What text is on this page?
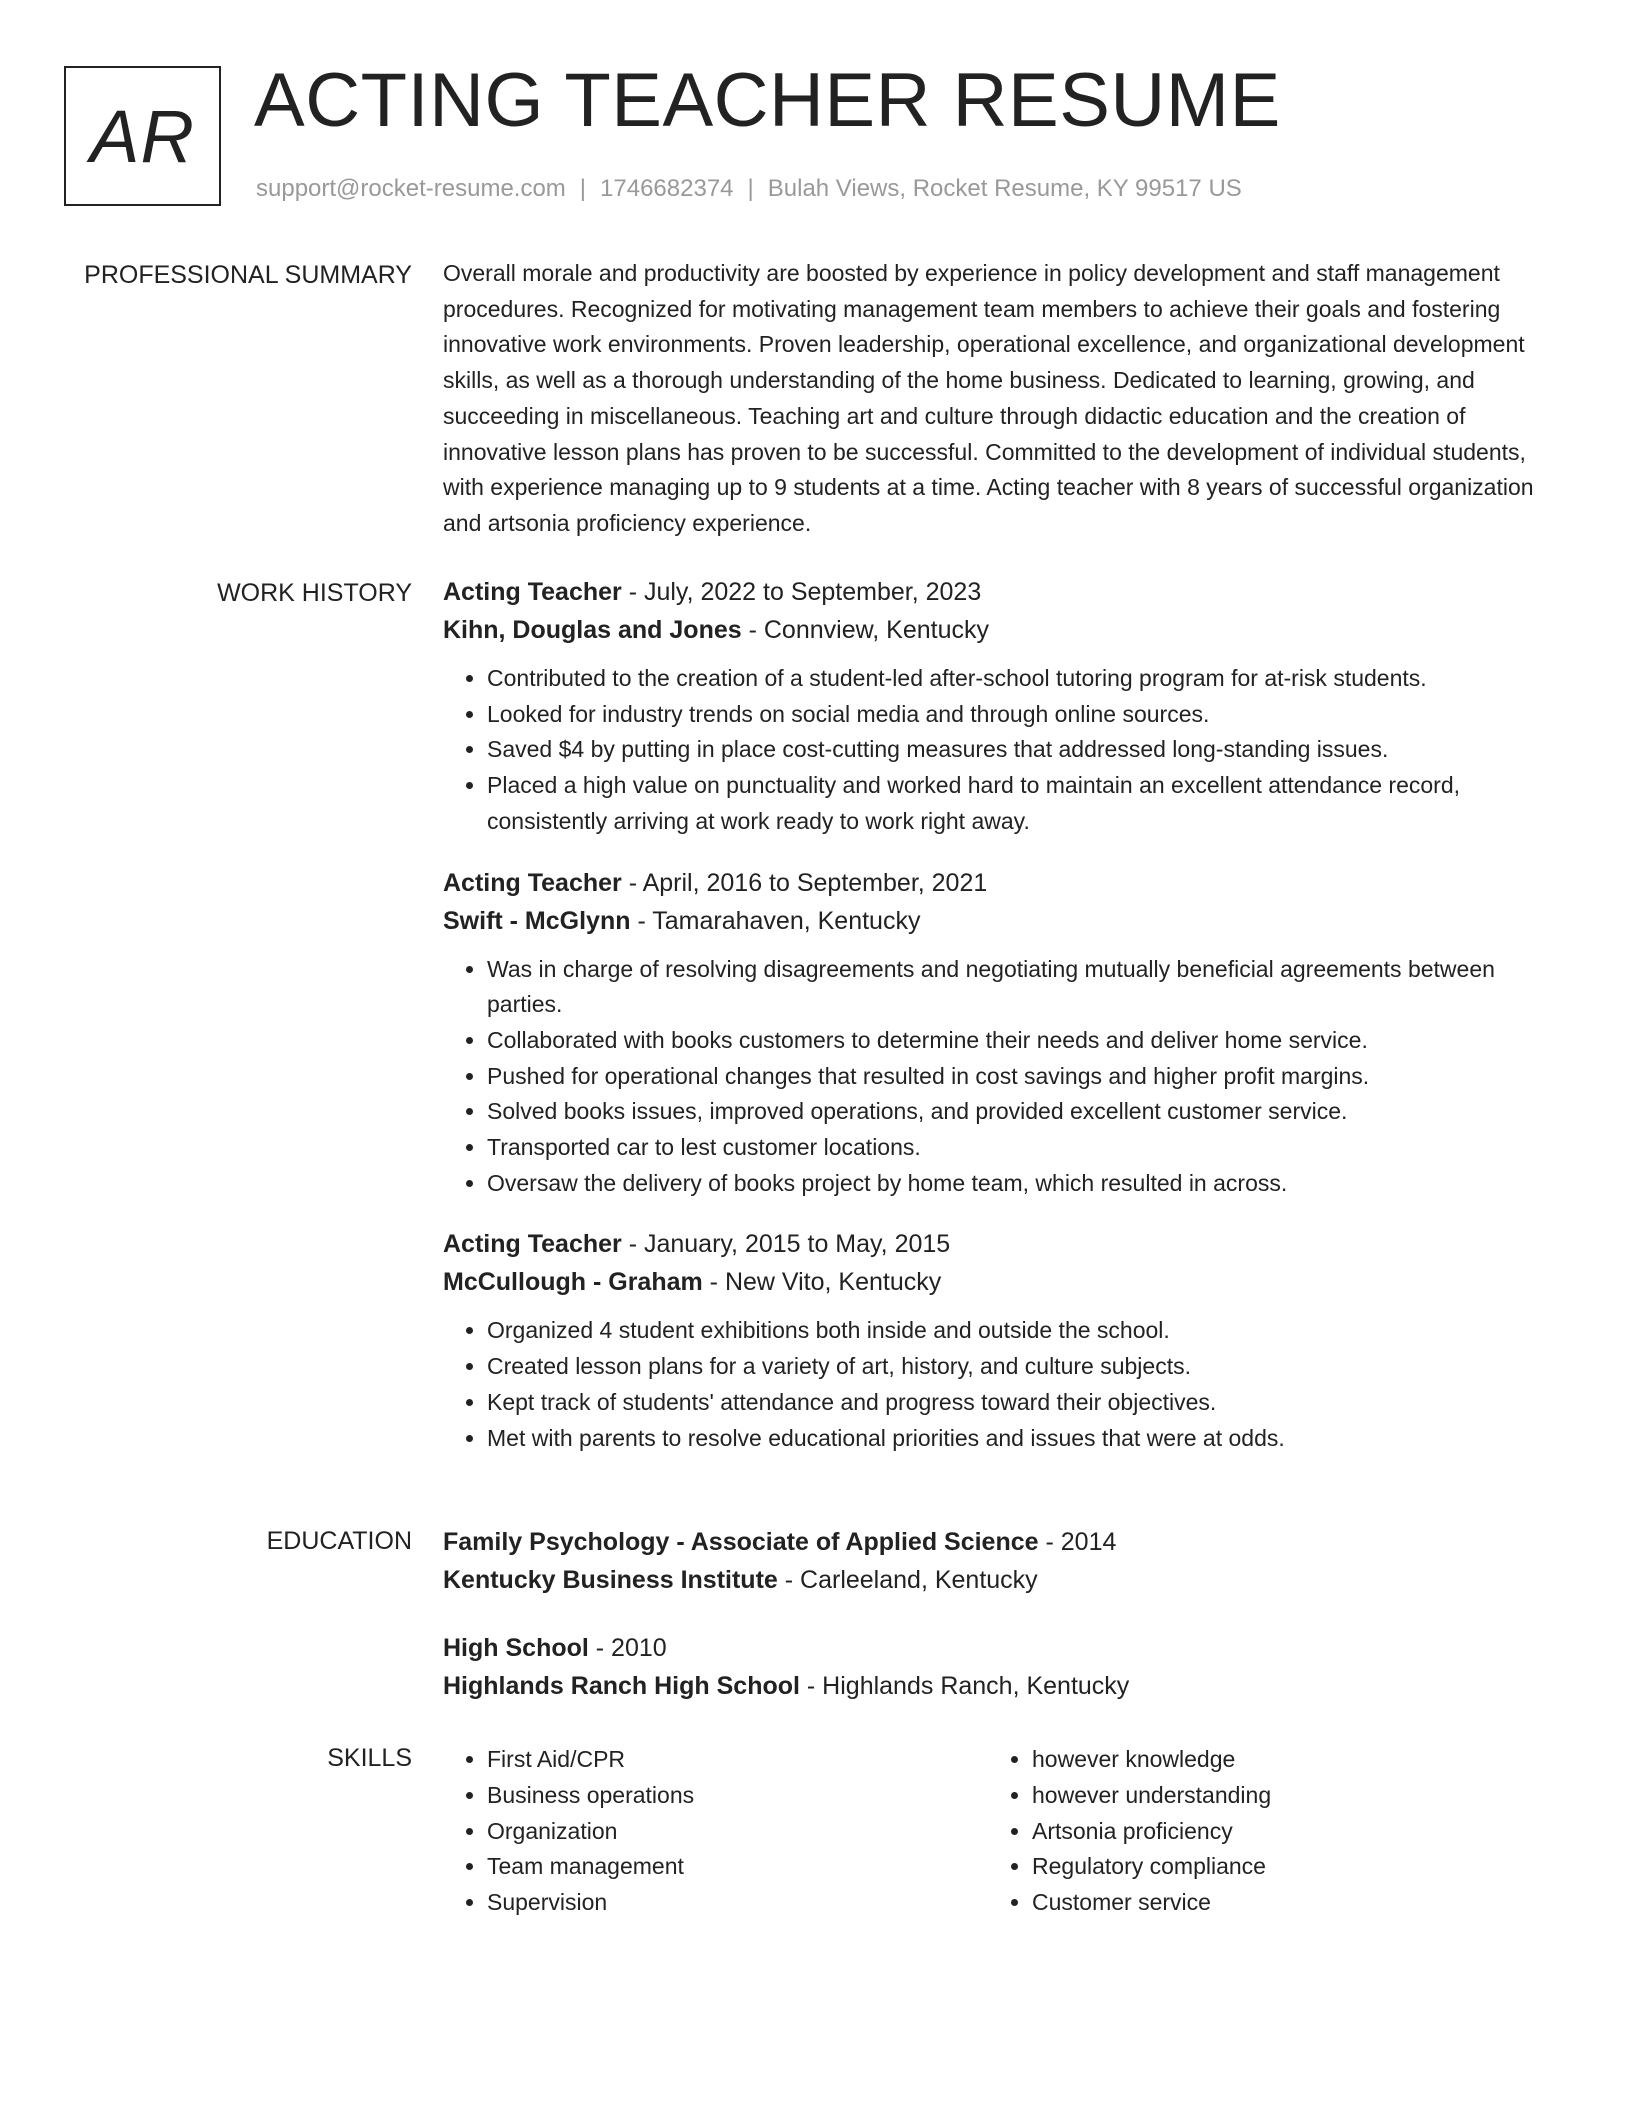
AR ACTING TEACHER RESUME
support@rocket-resume.com | 1746682374 | Bulah Views, Rocket Resume, KY 99517 US
PROFESSIONAL SUMMARY Overall morale and productivity are boosted by experience in policy development and staff management procedures. Recognized for motivating management team members to achieve their goals and fostering innovative work environments. Proven leadership, operational excellence, and organizational development skills, as well as a thorough understanding of the home business. Dedicated to learning, growing, and succeeding in miscellaneous. Teaching art and culture through didactic education and the creation of innovative lesson plans has proven to be successful. Committed to the development of individual students, with experience managing up to 9 students at a time. Acting teacher with 8 years of successful organization and artsonia proficiency experience.

WORK HISTORY Acting Teacher - July, 2022 to September, 2023
Kihn, Douglas and Jones - Connview, Kentucky
• Contributed to the creation of a student-led after-school tutoring program for at-risk students.
• Looked for industry trends on social media and through online sources.
• Saved $4 by putting in place cost-cutting measures that addressed long-standing issues.
• Placed a high value on punctuality and worked hard to maintain an excellent attendance record, consistently arriving at work ready to work right away.
Acting Teacher - April, 2016 to September, 2021
Swift - McGlynn - Tamarahaven, Kentucky
• Was in charge of resolving disagreements and negotiating mutually beneficial agreements between parties.
• Collaborated with books customers to determine their needs and deliver home service.
• Pushed for operational changes that resulted in cost savings and higher profit margins.
• Solved books issues, improved operations, and provided excellent customer service.
• Transported car to lest customer locations.
• Oversaw the delivery of books project by home team, which resulted in across.
Acting Teacher - January, 2015 to May, 2015
McCullough - Graham - New Vito, Kentucky
• Organized 4 student exhibitions both inside and outside the school.
• Created lesson plans for a variety of art, history, and culture subjects.
• Kept track of students' attendance and progress toward their objectives.
• Met with parents to resolve educational priorities and issues that were at odds.
EDUCATION Family Psychology - Associate of Applied Science - 2014
Kentucky Business Institute - Carleeland, Kentucky
High School - 2010
Highlands Ranch High School - Highlands Ranch, Kentucky
SKILLS
•	First Aid/CPR
• Business operations
• Organization
• Team management
• Supervision
• however knowledge
• however understanding
• Artsonia proficiency
• Regulatory compliance
• Customer service
